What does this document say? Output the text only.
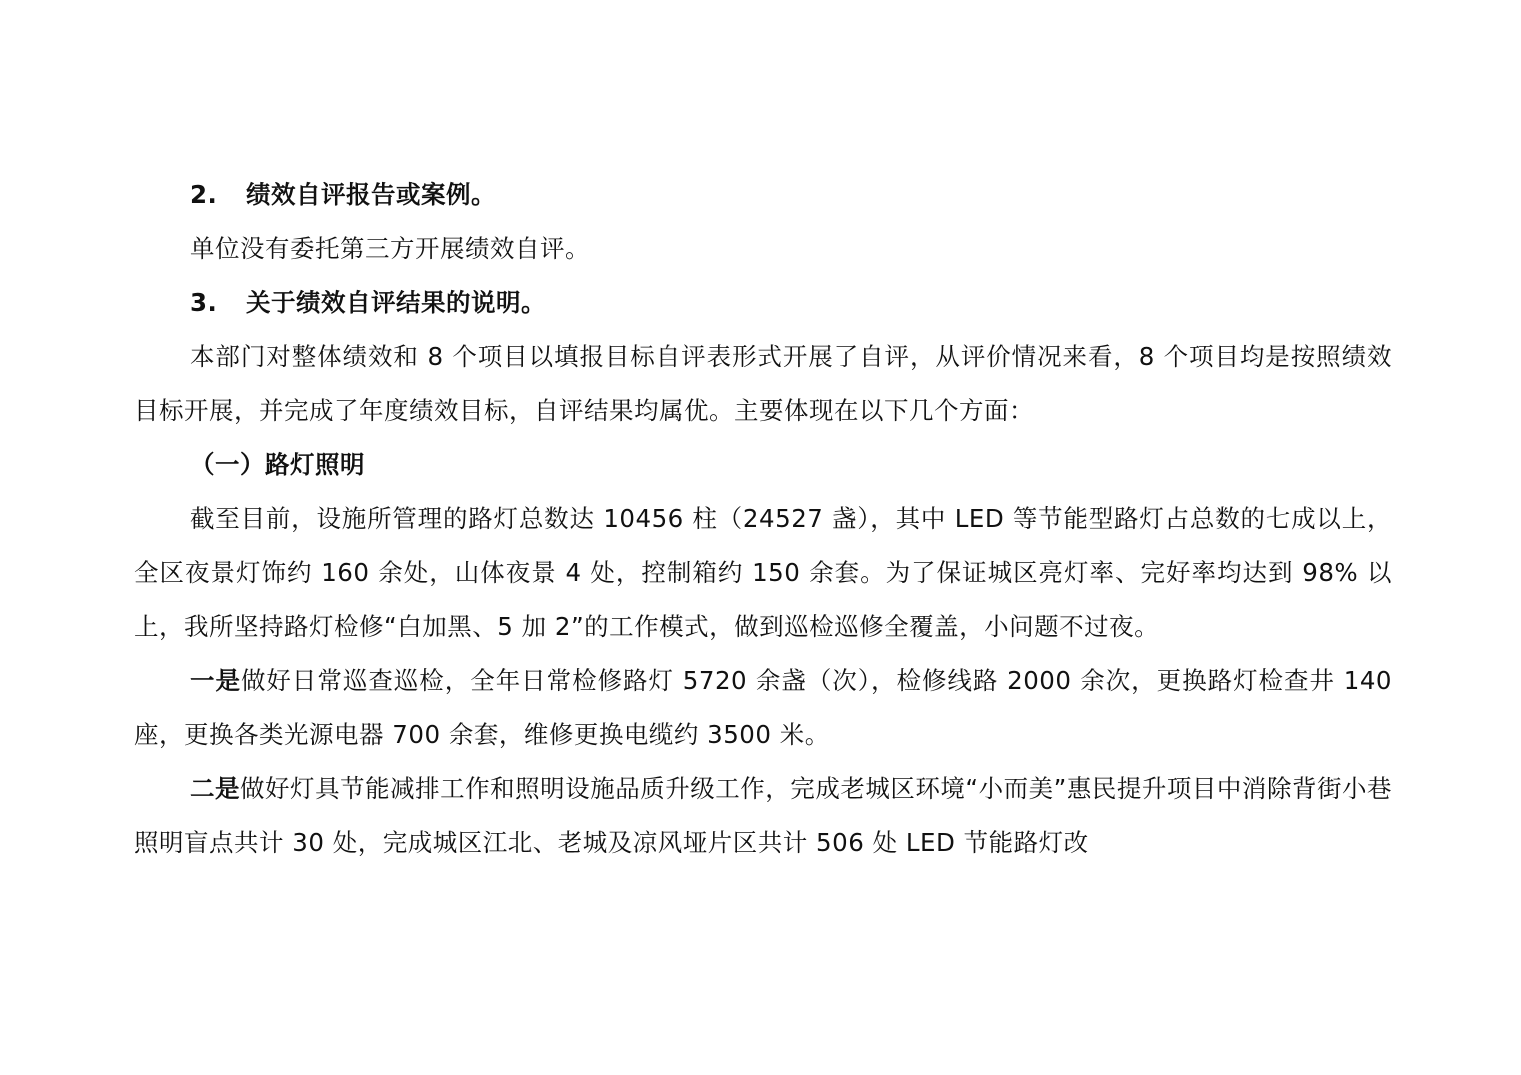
2. 绩效自评报告或案例。

单位没有委托第三方开展绩效自评。

3. 关于绩效自评结果的说明。

本部门对整体绩效和 8 个项目以填报目标自评表形式开展了自评，从评价情况来看，8 个项目均是按照绩效目标开展，并完成了年度绩效目标，自评结果均属优。主要体现在以下几个方面：

（一）路灯照明

截至目前，设施所管理的路灯总数达 10456 柱（24527 盏），其中 LED 等节能型路灯占总数的七成以上，全区夜景灯饰约 160 余处，山体夜景 4 处，控制箱约 150 余套。为了保证城区亮灯率、完好率均达到 98% 以上，我所坚持路灯检修“白加黑、5 加 2”的工作模式，做到巡检巡修全覆盖，小问题不过夜。

一是做好日常巡查巡检，全年日常检修路灯 5720 余盏（次），检修线路 2000 余次，更换路灯检查井 140 座，更换各类光源电器 700 余套，维修更换电缆约 3500 米。

二是做好灯具节能减排工作和照明设施品质升级工作，完成老城区环境“小而美”惠民提升项目中消除背街小巷照明盲点共计 30 处，完成城区江北、老城及凉风垭片区共计 506 处 LED 节能路灯改
